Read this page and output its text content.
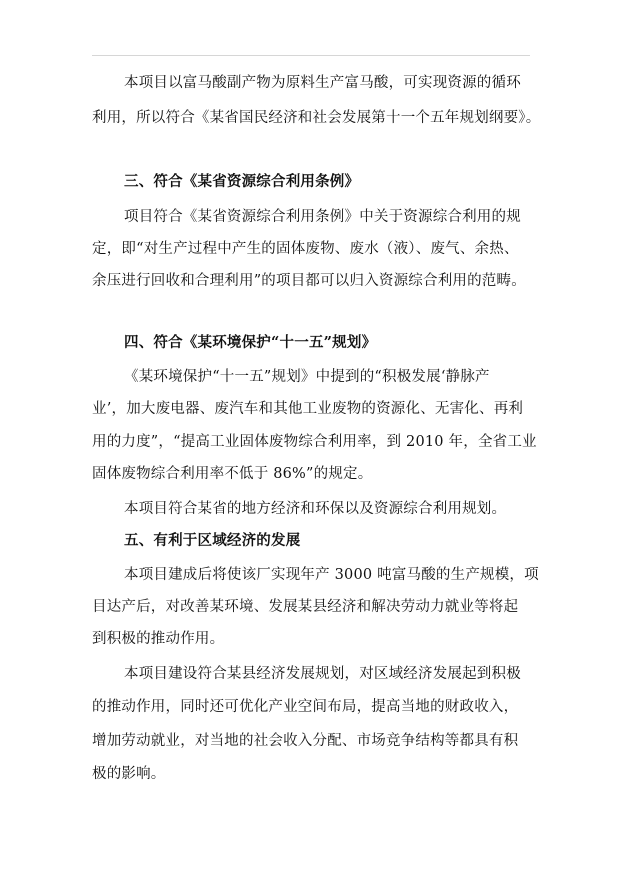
本项目以富马酸副产物为原料生产富马酸，可实现资源的循环
利用，所以符合《某省国民经济和社会发展第十一个五年规划纲要》。
三、符合《某省资源综合利用条例》
项目符合《某省资源综合利用条例》中关于资源综合利用的规
定，即“对生产过程中产生的固体废物、废水（液）、废气、余热、
余压进行回收和合理利用”的项目都可以归入资源综合利用的范畴。
四、符合《某环境保护“十一五”规划》
《某环境保护“十一五”规划》中提到的“积极发展‘静脉产
业’，加大废电器、废汽车和其他工业废物的资源化、无害化、再利
用的力度”，“提高工业固体废物综合利用率，到 2010 年，全省工业
固体废物综合利用率不低于 86%”的规定。
本项目符合某省的地方经济和环保以及资源综合利用规划。
五、有利于区域经济的发展
本项目建成后将使该厂实现年产 3000 吨富马酸的生产规模，项
目达产后，对改善某环境、发展某县经济和解决劳动力就业等将起
到积极的推动作用。
本项目建设符合某县经济发展规划，对区域经济发展起到积极
的推动作用，同时还可优化产业空间布局，提高当地的财政收入，
增加劳动就业，对当地的社会收入分配、市场竞争结构等都具有积
极的影响。
